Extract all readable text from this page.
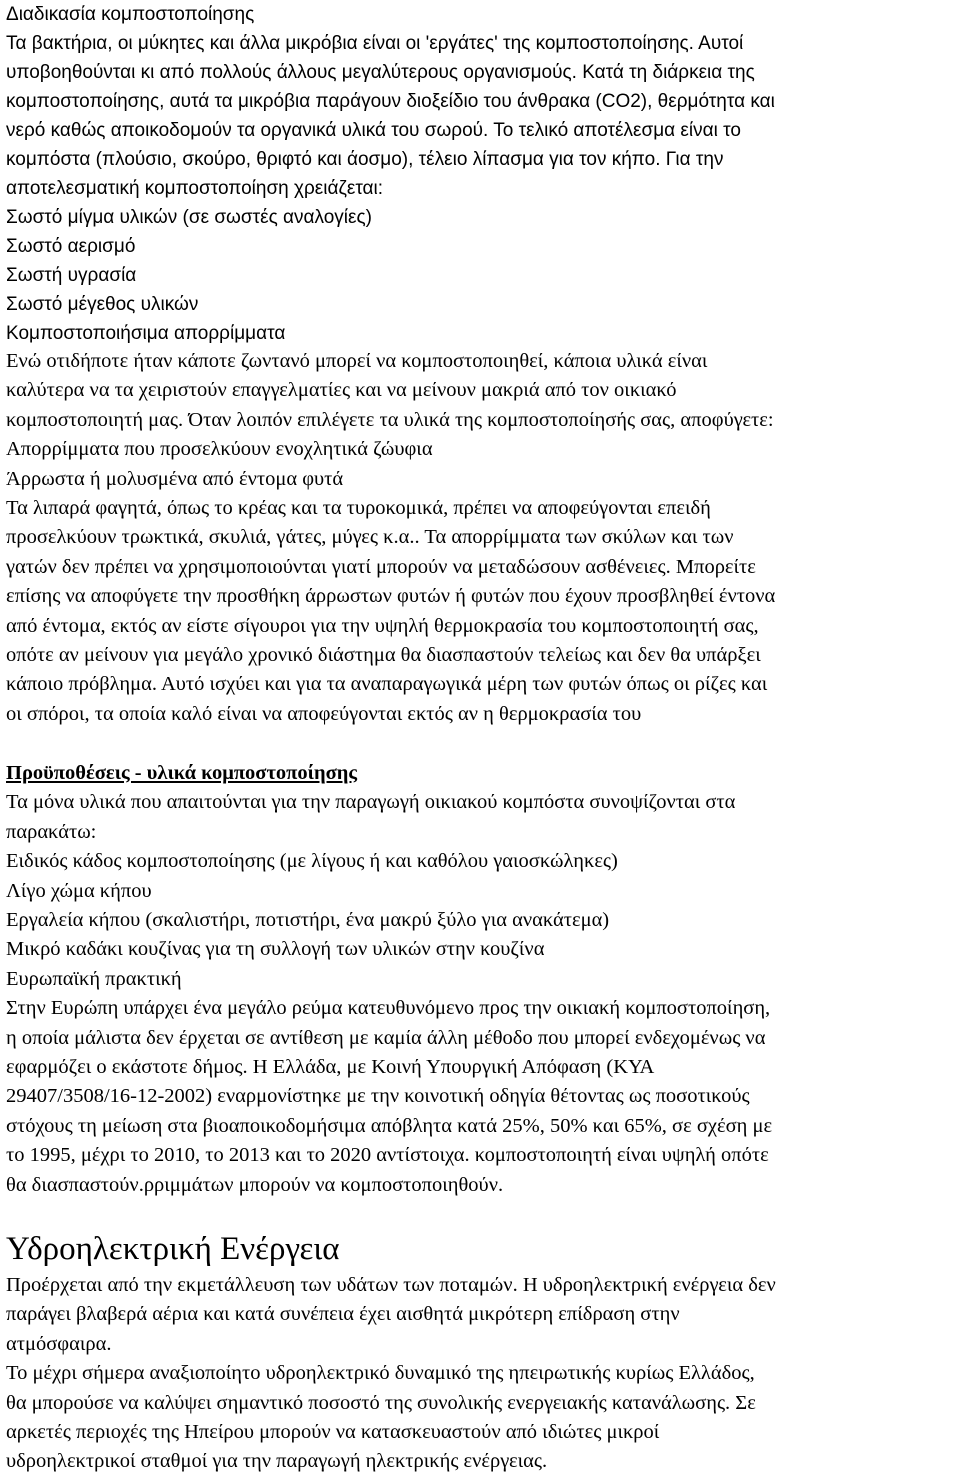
Διαδικασία κομποστοποίησης
Τα βακτήρια, οι μύκητες και άλλα μικρόβια είναι οι 'εργάτες' της κομποστοποίησης. Αυτοί
υποβοηθούνται κι από πολλούς άλλους μεγαλύτερους οργανισμούς. Κατά τη διάρκεια της
κομποστοποίησης, αυτά τα μικρόβια παράγουν διοξείδιο του άνθρακα (CO2), θερμότητα και
νερό καθώς αποικοδομούν τα οργανικά υλικά του σωρού. Το τελικό αποτέλεσμα είναι το
κομπόστα (πλούσιο, σκούρο, θριφτό και άοσμο), τέλειο λίπασμα για τον κήπο. Για την
αποτελεσματική κομποστοποίηση χρειάζεται:
Σωστό μίγμα υλικών (σε σωστές αναλογίες)
Σωστό αερισμό
Σωστή υγρασία
Σωστό μέγεθος υλικών
Κομποστοποιήσιμα απορρίμματα
Ενώ οτιδήποτε ήταν κάποτε ζωντανό μπορεί να κομποστοποιηθεί, κάποια υλικά είναι
καλύτερα να τα χειριστούν επαγγελματίες και να μείνουν μακριά από τον οικιακό
κομποστοποιητή μας. Όταν λοιπόν επιλέγετε τα υλικά της κομποστοποίησής σας, αποφύγετε:
Απορρίμματα που προσελκύουν ενοχλητικά ζώυφια
Άρρωστα ή μολυσμένα από έντομα φυτά
Τα λιπαρά φαγητά, όπως το κρέας και τα τυροκομικά, πρέπει να αποφεύγονται επειδή
προσελκύουν τρωκτικά, σκυλιά, γάτες, μύγες κ.α.. Τα απορρίμματα των σκύλων και των
γατών δεν πρέπει να χρησιμοποιούνται γιατί μπορούν να μεταδώσουν ασθένειες. Μπορείτε
επίσης να αποφύγετε την προσθήκη άρρωστων φυτών ή φυτών που έχουν προσβληθεί έντονα
από έντομα, εκτός αν είστε σίγουροι για την υψηλή θερμοκρασία του κομποστοποιητή σας,
οπότε αν μείνουν για μεγάλο χρονικό διάστημα θα διασπαστούν τελείως και δεν θα υπάρξει
κάποιο πρόβλημα. Αυτό ισχύει και για τα αναπαραγωγικά μέρη των φυτών όπως οι ρίζες και
οι σπόροι, τα οποία καλό είναι να αποφεύγονται εκτός αν η θερμοκρασία του
Προϋποθέσεις - υλικά κομποστοποίησης
Τα μόνα υλικά που απαιτούνται για την παραγωγή οικιακού κομπόστα συνοψίζονται στα
παρακάτω:
Ειδικός κάδος κομποστοποίησης (με λίγους ή και καθόλου γαιοσκώληκες)
Λίγο χώμα κήπου
Εργαλεία κήπου (σκαλιστήρι, ποτιστήρι, ένα μακρύ ξύλο για ανακάτεμα)
Μικρό καδάκι κουζίνας για τη συλλογή των υλικών στην κουζίνα
Ευρωπαϊκή πρακτική
Στην Ευρώπη υπάρχει ένα μεγάλο ρεύμα κατευθυνόμενο προς την οικιακή κομποστοποίηση,
η οποία μάλιστα δεν έρχεται σε αντίθεση με καμία άλλη μέθοδο που μπορεί ενδεχομένως να
εφαρμόζει ο εκάστοτε δήμος. Η Ελλάδα, με Κοινή Υπουργική Απόφαση (ΚΥΑ
29407/3508/16-12-2002) εναρμονίστηκε με την κοινοτική οδηγία θέτοντας ως ποσοτικούς
στόχους τη μείωση στα βιοαποικοδομήσιμα απόβλητα κατά 25%, 50% και 65%, σε σχέση με
το 1995, μέχρι το 2010, το 2013 και το 2020 αντίστοιχα. κομποστοποιητή είναι υψηλή οπότε
θα διασπαστούν.ρριμμάτων μπορούν να κομποστοποιηθούν.
Υδροηλεκτρική Ενέργεια
Προέρχεται από την εκμετάλλευση των υδάτων των ποταμών. Η υδροηλεκτρική ενέργεια δεν
παράγει βλαβερά αέρια και κατά συνέπεια έχει αισθητά μικρότερη επίδραση στην
ατμόσφαιρα.
Το μέχρι σήμερα αναξιοποίητο υδροηλεκτρικό δυναμικό της ηπειρωτικής κυρίως Ελλάδος,
θα μπορούσε να καλύψει σημαντικό ποσοστό της συνολικής ενεργειακής κατανάλωσης. Σε
αρκετές περιοχές της Ηπείρου μπορούν να κατασκευαστούν από ιδιώτες μικροί
υδροηλεκτρικοί σταθμοί για την παραγωγή ηλεκτρικής ενέργειας.
